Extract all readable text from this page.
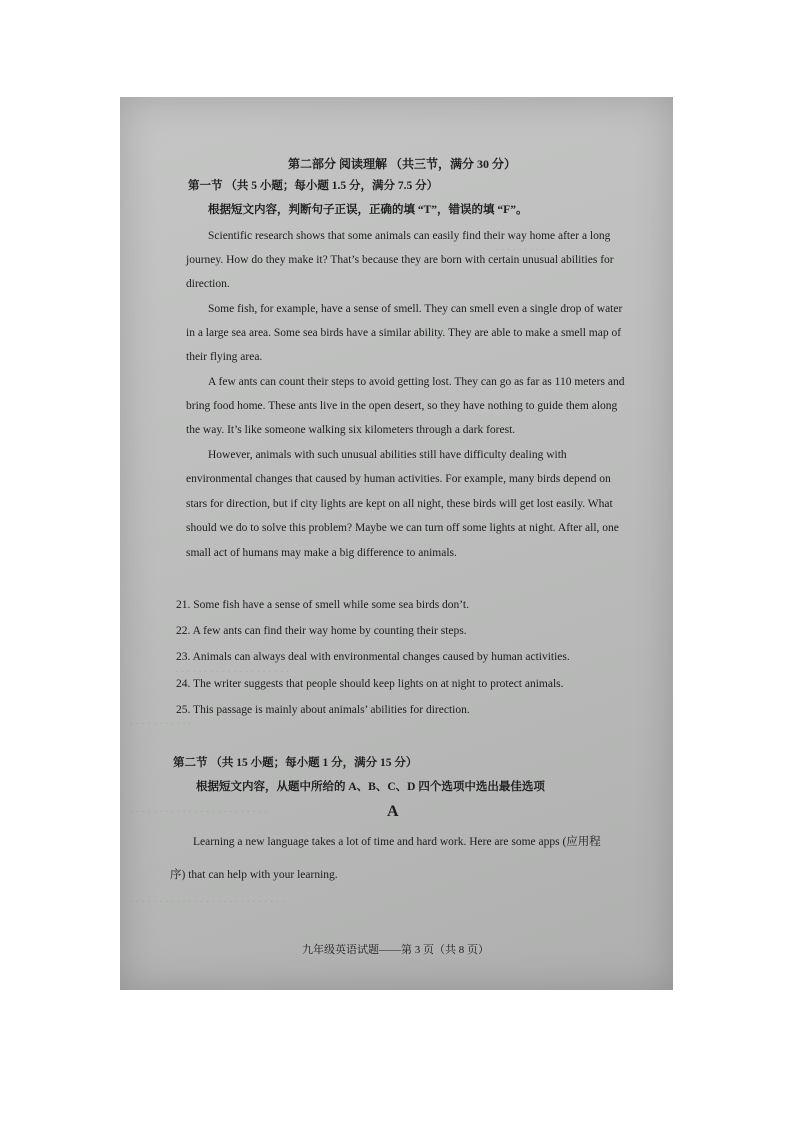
· · · · · · · · · ·
· · · · · · · · · · · · · · · · · · · ·
· · · · · · · · · · ·
· · · · · · · · · · · · · · · · · · · · · · · ·
· · · · · · · · · · · · · · · · · · · · · · · · · · ·
第二部分 阅读理解 （共三节，满分 30 分）
第一节 （共 5 小题；每小题 1.5 分，满分 7.5 分）
根据短文内容，判断句子正误，正确的填 “T”，错误的填 “F”。
Scientific research shows that some animals can easily find their way home after a long
journey. How do they make it? That’s because they are born with certain unusual abilities for
direction.
Some fish, for example, have a sense of smell. They can smell even a single drop of water
in a large sea area. Some sea birds have a similar ability. They are able to make a smell map of
their flying area.
A few ants can count their steps to avoid getting lost. They can go as far as 110 meters and
bring food home. These ants live in the open desert, so they have nothing to guide them along
the way. It’s like someone walking six kilometers through a dark forest.
However, animals with such unusual abilities still have difficulty dealing with
environmental changes that caused by human activities. For example, many birds depend on
stars for direction, but if city lights are kept on all night, these birds will get lost easily. What
should we do to solve this problem? Maybe we can turn off some lights at night. After all, one
small act of humans may make a big difference to animals.
21. Some fish have a sense of smell while some sea birds don’t.
22. A few ants can find their way home by counting their steps.
23. Animals can always deal with environmental changes caused by human activities.
24. The writer suggests that people should keep lights on at night to protect animals.
25. This passage is mainly about animals’ abilities for direction.
第二节 （共 15 小题；每小题 1 分，满分 15 分）
根据短文内容，从题中所给的 A、B、C、D 四个选项中选出最佳选项
A
Learning a new language takes a lot of time and hard work. Here are some apps (应用程
序) that can help with your learning.
九年级英语试题——第 3 页（共 8 页）
